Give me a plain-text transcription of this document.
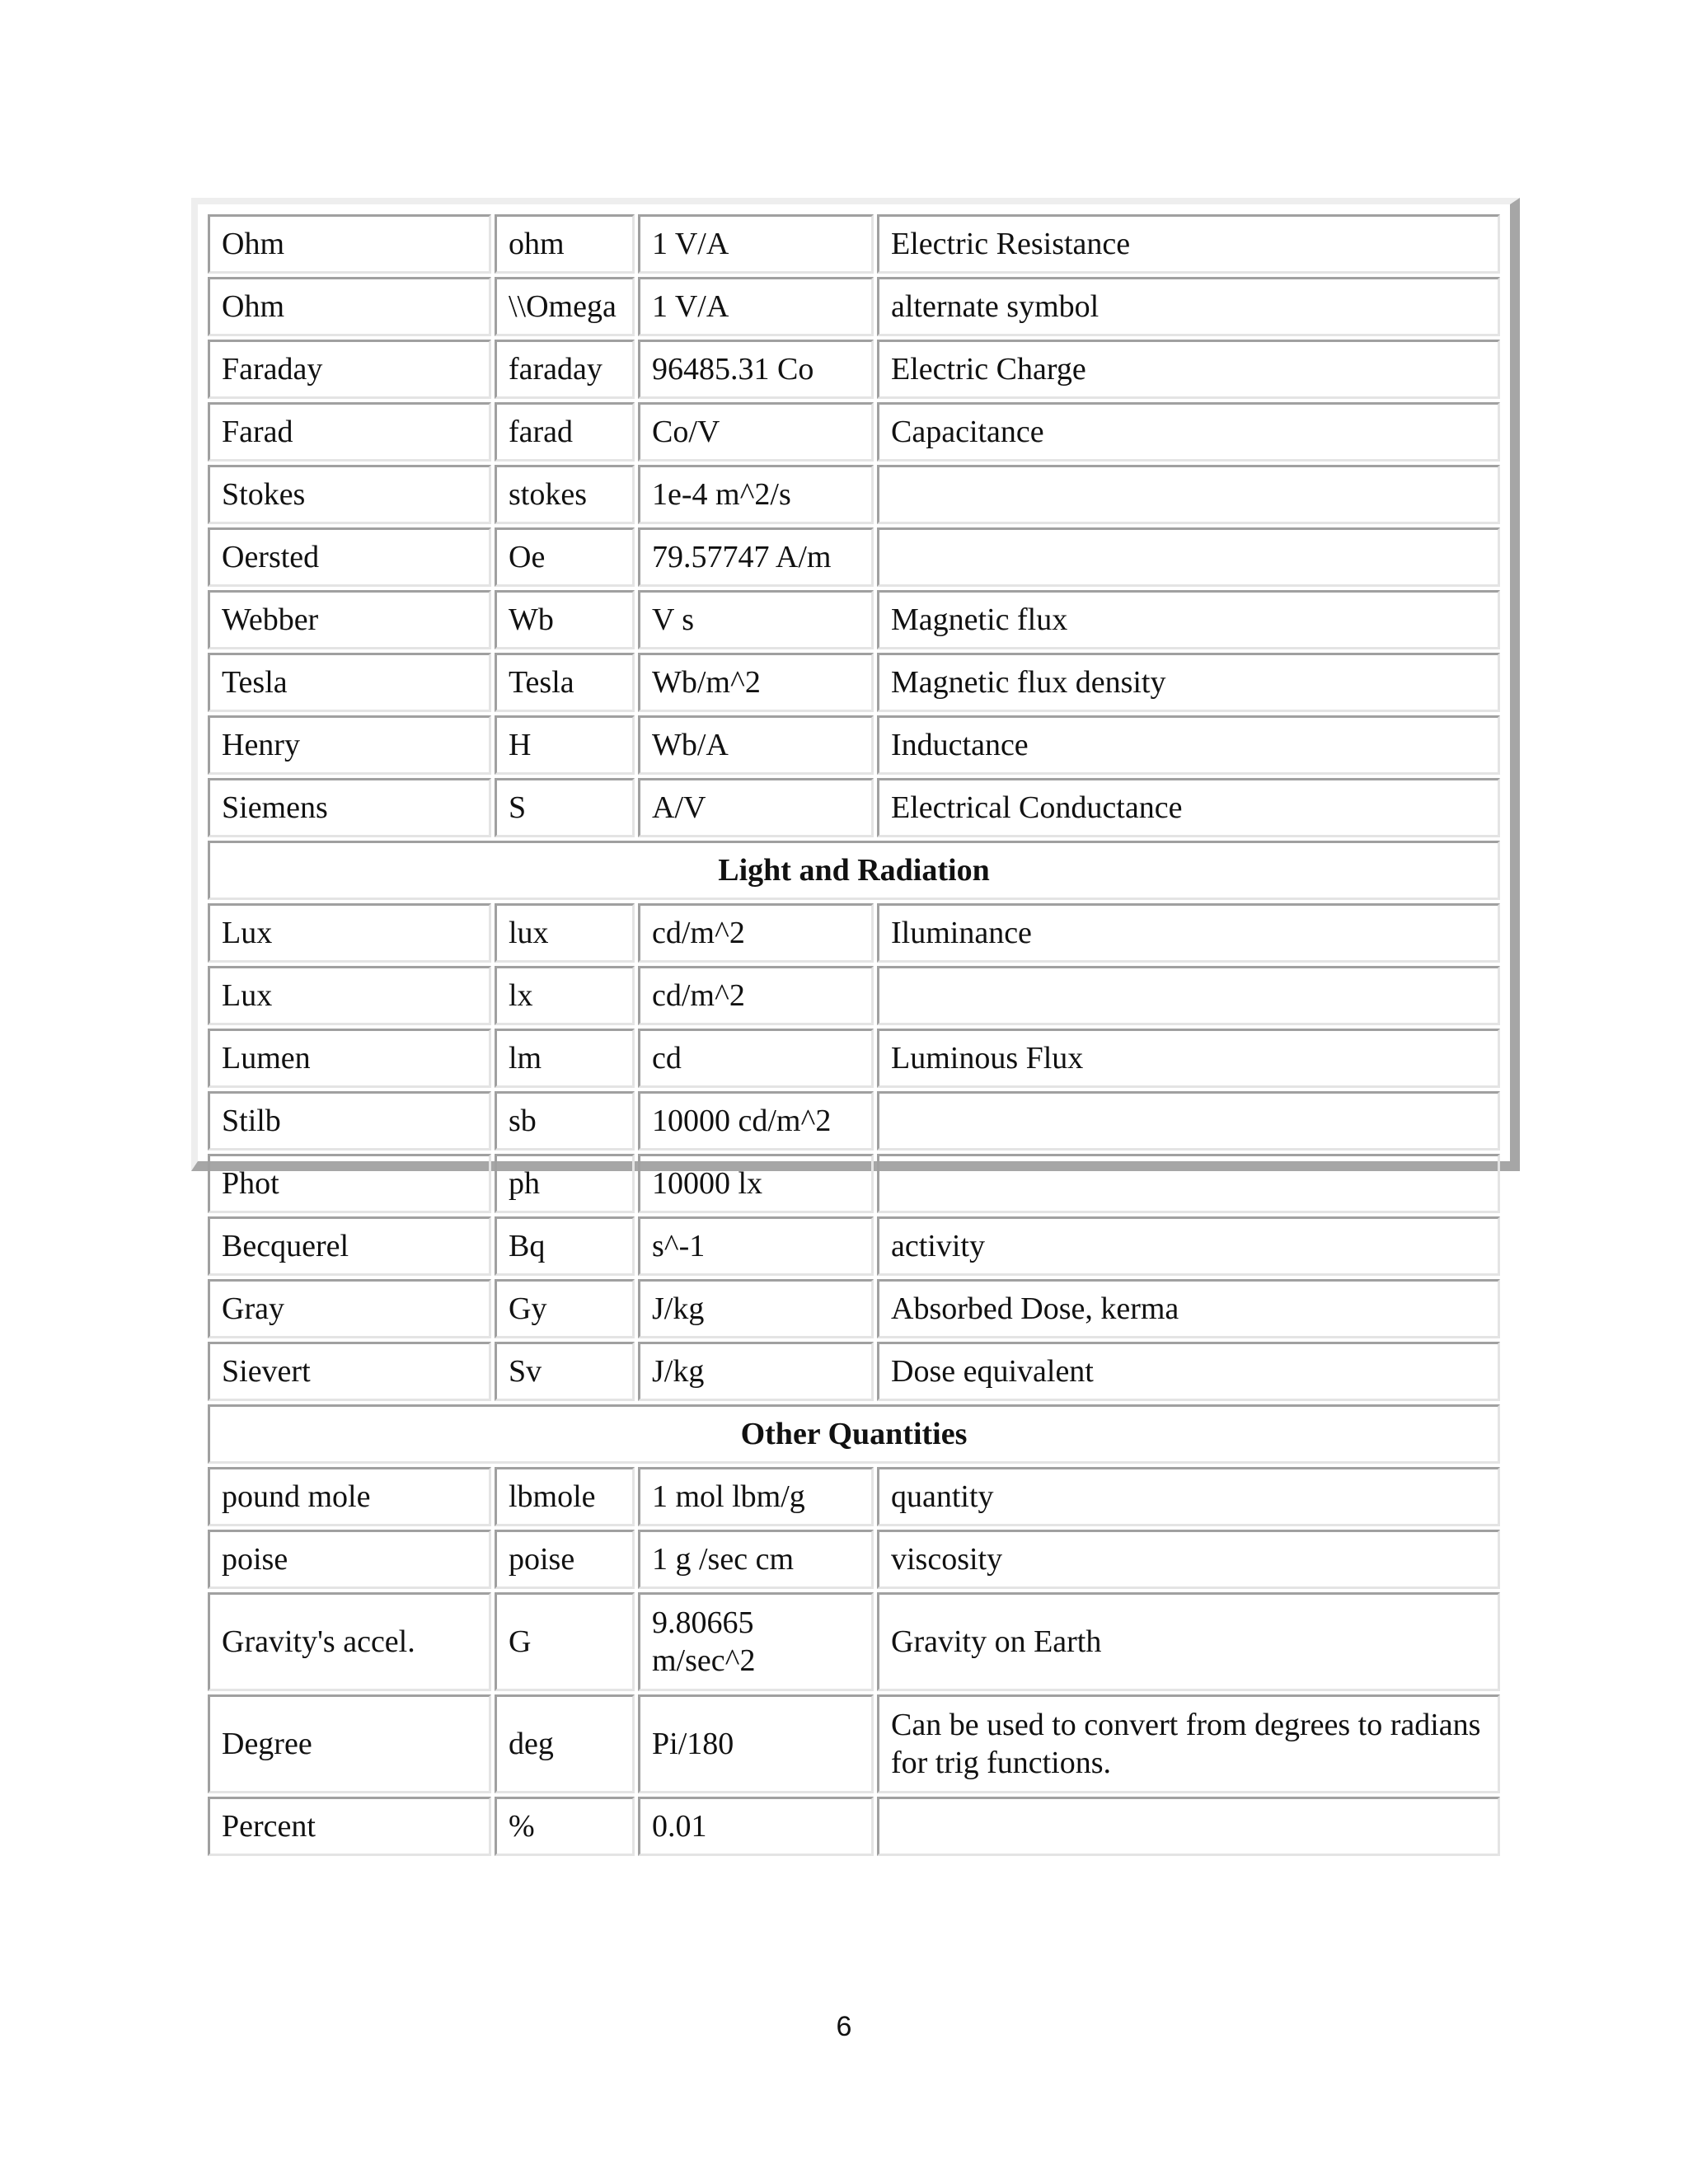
Ohm	ohm	1 V/A	Electric Resistance
Ohm	\\Omega	1 V/A	alternate symbol
Faraday	faraday	96485.31 Co	Electric Charge
Farad	farad	Co/V	Capacitance
Stokes	stokes	1e-4 m^2/s	
Oersted	Oe	79.57747 A/m	
Webber	Wb	V s	Magnetic flux
Tesla	Tesla	Wb/m^2	Magnetic flux density
Henry	H	Wb/A	Inductance
Siemens	S	A/V	Electrical Conductance
Light and Radiation			
Lux	lux	cd/m^2	Iluminance
Lux	lx	cd/m^2	
Lumen	lm	cd	Luminous Flux
Stilb	sb	10000 cd/m^2	
Phot	ph	10000 lx	
Becquerel	Bq	s^-1	activity
Gray	Gy	J/kg	Absorbed Dose, kerma
Sievert	Sv	J/kg	Dose equivalent
Other Quantities			
pound mole	lbmole	1 mol lbm/g	quantity
poise	poise	1 g /sec cm	viscosity
Gravity's accel.	G	9.80665 m/sec^2	Gravity on Earth
Degree	deg	Pi/180	Can be used to convert from degrees to radians for trig functions.
Percent	%	0.01	
6
